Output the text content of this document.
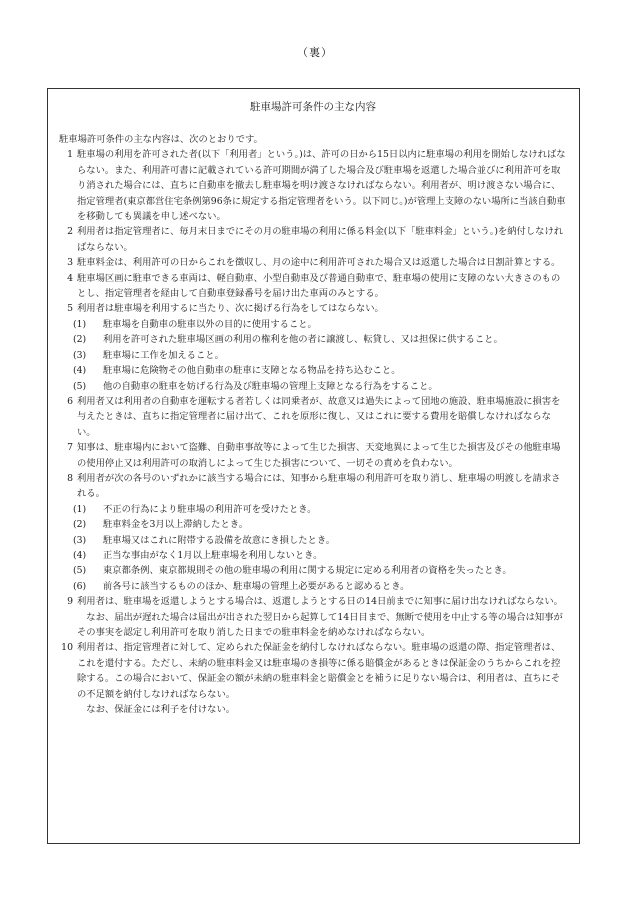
（裏）
駐車場許可条件の主な内容

駐車場許可条件の主な内容は、次のとおりです。

1 駐車場の利用を許可された者(以下「利用者」という。)は、許可の日から15日以内に駐車場の利用を開始しなければならない。また、利用許可書に記載されている許可期間が満了した場合及び駐車場を返還した場合並びに利用許可を取り消された場合には、直ちに自動車を撤去し駐車場を明け渡さなければならない。利用者が、明け渡さない場合に、指定管理者(東京都営住宅条例第96条に規定する指定管理者をいう。以下同じ。)が管理上支障のない場所に当該自動車を移動しても異議を申し述べない。

2 利用者は指定管理者に、毎月末日までにその月の駐車場の利用に係る料金(以下「駐車料金」という。)を納付しなければならない。

3 駐車料金は、利用許可の日からこれを徴収し、月の途中に利用許可された場合又は返還した場合は日割計算とする。

4 駐車場区画に駐車できる車両は、軽自動車、小型自動車及び普通自動車で、駐車場の使用に支障のない大きさのものとし、指定管理者を経由して自動車登録番号を届け出た車両のみとする。

5 利用者は駐車場を利用するに当たり、次に掲げる行為をしてはならない。

(1)	駐車場を自動車の駐車以外の目的に使用すること。
(2)	利用を許可された駐車場区画の利用の権利を他の者に譲渡し、転貸し、又は担保に供すること。
(3)	駐車場に工作を加えること。
(4)	駐車場に危険物その他自動車の駐車に支障となる物品を持ち込むこと。
(5)	他の自動車の駐車を妨げる行為及び駐車場の管理上支障となる行為をすること。
6 利用者又は利用者の自動車を運転する者若しくは同乗者が、故意又は過失によって団地の施設、駐車場施設に損害を与えたときは、直ちに指定管理者に届け出て、これを原形に復し、又はこれに要する費用を賠償しなければならない。

7 知事は、駐車場内において盗難、自動車事故等によって生じた損害、天変地異によって生じた損害及びその他駐車場の使用停止又は利用許可の取消しによって生じた損害について、一切その責めを負わない。

8 利用者が次の各号のいずれかに該当する場合には、知事から駐車場の利用許可を取り消し、駐車場の明渡しを請求される。

(1)	不正の行為により駐車場の利用許可を受けたとき。
(2)	駐車料金を3月以上滞納したとき。
(3)	駐車場又はこれに附帯する設備を故意にき損したとき。
(4)	正当な事由がなく1月以上駐車場を利用しないとき。
(5)	東京都条例、東京都規則その他の駐車場の利用に関する規定に定める利用者の資格を失ったとき。
(6)	前各号に該当するもののほか、駐車場の管理上必要があると認めるとき。
9 利用者は、駐車場を返還しようとする場合は、返還しようとする日の14日前までに知事に届け出なければならない。

なお、届出が遅れた場合は届出が出された翌日から起算して14日目まで、無断で使用を中止する等の場合は知事がその事実を認定し利用許可を取り消した日までの駐車料金を納めなければならない。

10 利用者は、指定管理者に対して、定められた保証金を納付しなければならない。駐車場の返還の際、指定管理者は、これを還付する。ただし、未納の駐車料金又は駐車場のき損等に係る賠償金があるときは保証金のうちからこれを控除する。この場合において、保証金の額が未納の駐車料金と賠償金とを補うに足りない場合は、利用者は、直ちにその不足額を納付しなければならない。

なお、保証金には利子を付けない。
